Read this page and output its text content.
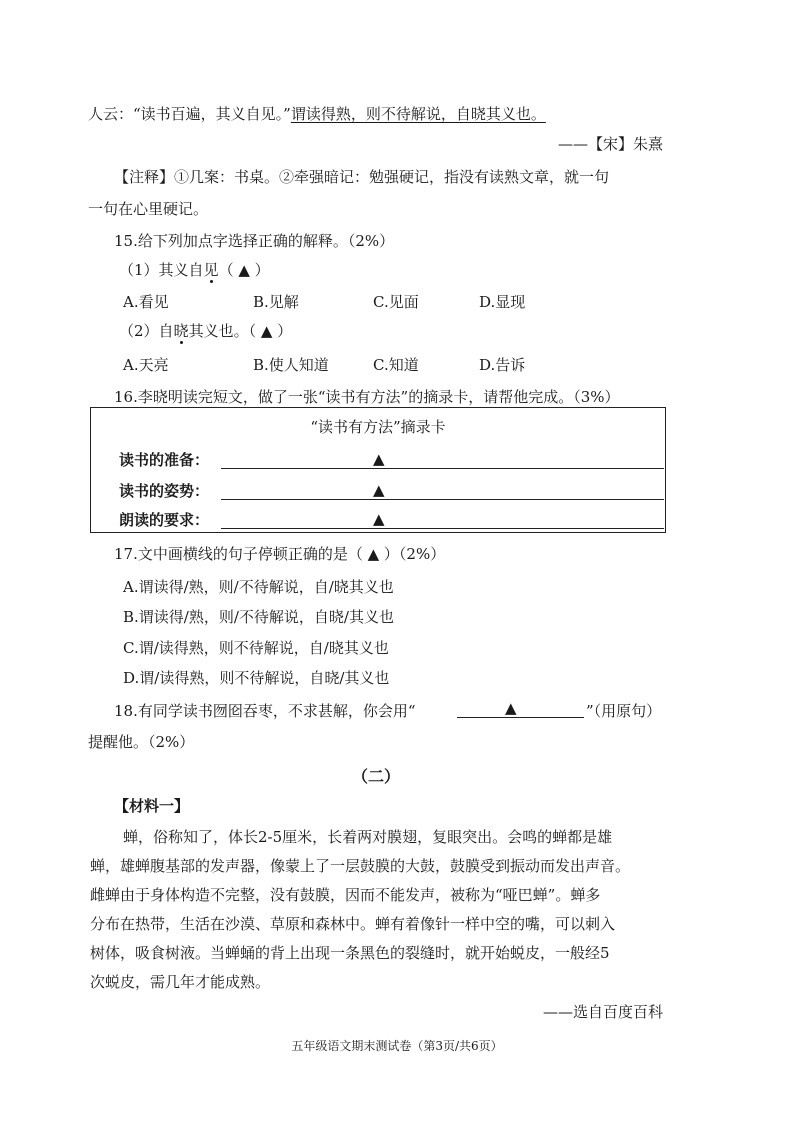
人云：“读书百遍，其义自见。”谓读得熟，则不待解说，自晓其义也。
——【宋】朱熹
【注释】①几案：书桌。②牵强暗记：勉强硬记，指没有读熟文章，就一句
一句在心里硬记。
15.给下列加点字选择正确的解释。（2%）
（1）其义自见（ ▲ ）
A.看见	B.见解	C.见面	D.显现
（2）自晓其义也。（ ▲ ）
A.天亮	B.使人知道	C.知道	D.告诉
16.李晓明读完短文，做了一张“读书有方法”的摘录卡，请帮他完成。（3%）
“读书有方法”摘录卡
读书的准备：	▲
读书的姿势：	▲
朗读的要求：	▲
17.文中画横线的句子停顿正确的是（ ▲ ）（2%）
A.谓读得/熟，则/不待解说，自/晓其义也
B.谓读得/熟，则/不待解说，自晓/其义也
C.谓/读得熟，则不待解说，自/晓其义也
D.谓/读得熟，则不待解说，自晓/其义也
18.有同学读书囫囵吞枣，不求甚解，你会用“	▲	”（用原句）
提醒他。（2%）
（二）
【材料一】
蝉，俗称知了，体长2-5厘米，长着两对膜翅，复眼突出。会鸣的蝉都是雄
蝉，雄蝉腹基部的发声器，像蒙上了一层鼓膜的大鼓，鼓膜受到振动而发出声音。
雌蝉由于身体构造不完整，没有鼓膜，因而不能发声，被称为“哑巴蝉”。蝉多
分布在热带，生活在沙漠、草原和森林中。蝉有着像针一样中空的嘴，可以刺入
树体，吸食树液。当蝉蛹的背上出现一条黑色的裂缝时，就开始蜕皮，一般经5
次蜕皮，需几年才能成熟。
——选自百度百科
五年级语文期末测试卷（第3页/共6页）
